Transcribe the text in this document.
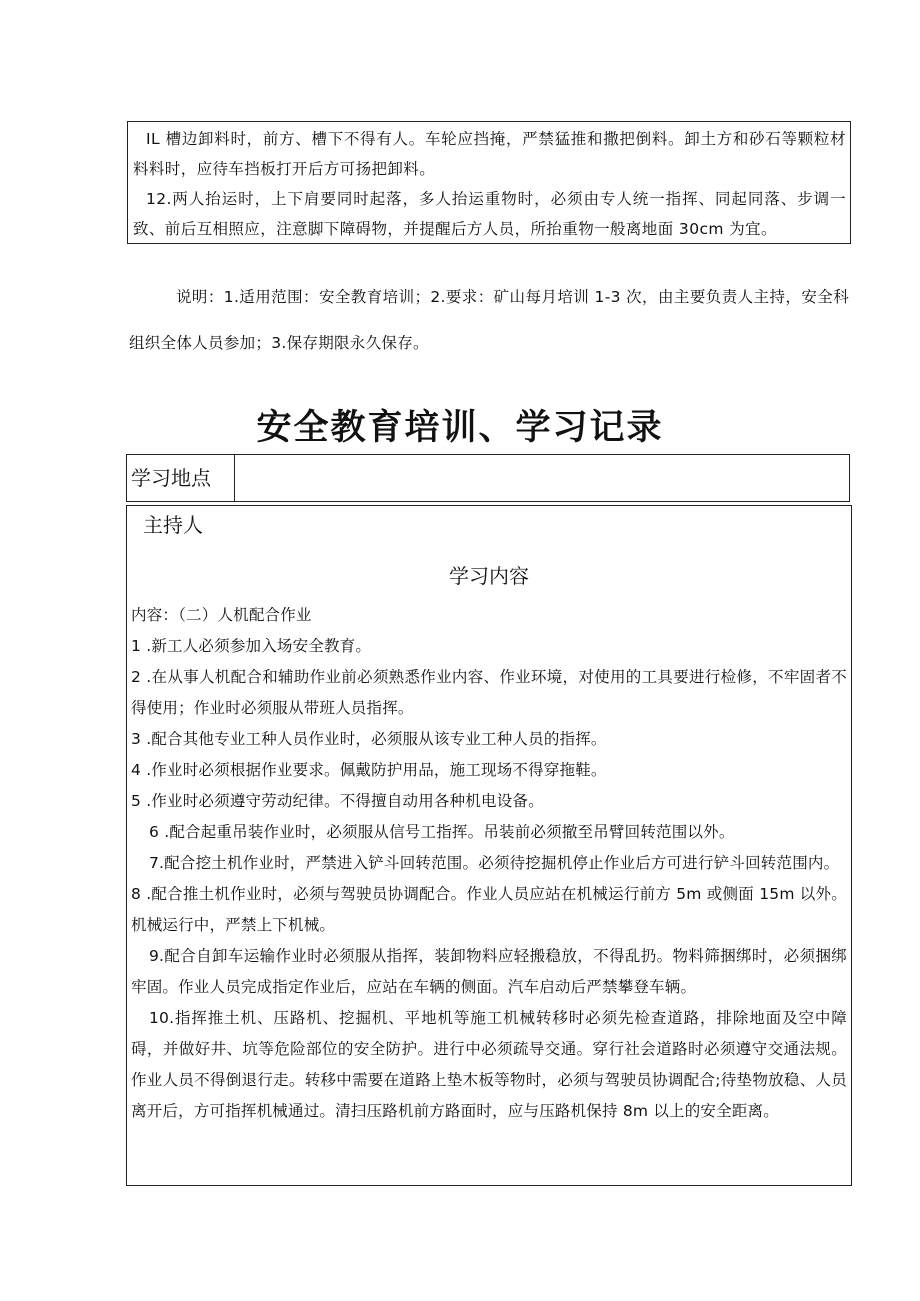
IL 槽边卸料时，前方、槽下不得有人。车轮应挡掩，严禁猛推和撒把倒料。卸土方和砂石等颗粒材料料时，应待车挡板打开后方可扬把卸料。

12.两人抬运时，上下肩要同时起落，多人抬运重物时，必须由专人统一指挥、同起同落、步调一致、前后互相照应，注意脚下障碍物，并提醒后方人员，所抬重物一般离地面 30cm 为宜。

说明：1.适用范围：安全教育培训；2.要求：矿山每月培训 1-3 次，由主要负责人主持，安全科组织全体人员参加；3.保存期限永久保存。

安全教育培训、学习记录
学习地点
主持人
学习内容

内容：（二）人机配合作业

1 .新工人必须参加入场安全教育。

2 .在从事人机配合和辅助作业前必须熟悉作业内容、作业环境，对使用的工具要进行检修，不牢固者不得使用；作业时必须服从带班人员指挥。

3 .配合其他专业工种人员作业时，必须服从该专业工种人员的指挥。

4 .作业时必须根据作业要求。佩戴防护用品，施工现场不得穿拖鞋。

5 .作业时必须遵守劳动纪律。不得擅自动用各种机电设备。

6 .配合起重吊装作业时，必须服从信号工指挥。吊装前必须撤至吊臂回转范围以外。

7.配合挖土机作业时，严禁进入铲斗回转范围。必须待挖掘机停止作业后方可进行铲斗回转范围内。

8 .配合推土机作业时，必须与驾驶员协调配合。作业人员应站在机械运行前方 5m 或侧面 15m 以外。机械运行中，严禁上下机械。

9.配合自卸车运输作业时必须服从指挥，装卸物料应轻搬稳放，不得乱扔。物料筛捆绑时，必须捆绑牢固。作业人员完成指定作业后，应站在车辆的侧面。汽车启动后严禁攀登车辆。

10.指挥推土机、压路机、挖掘机、平地机等施工机械转移时必须先检查道路，排除地面及空中障碍，并做好井、坑等危险部位的安全防护。进行中必须疏导交通。穿行社会道路时必须遵守交通法规。作业人员不得倒退行走。转移中需要在道路上垫木板等物时，必须与驾驶员协调配合;待垫物放稳、人员离开后，方可指挥机械通过。清扫压路机前方路面时，应与压路机保持 8m 以上的安全距离。
